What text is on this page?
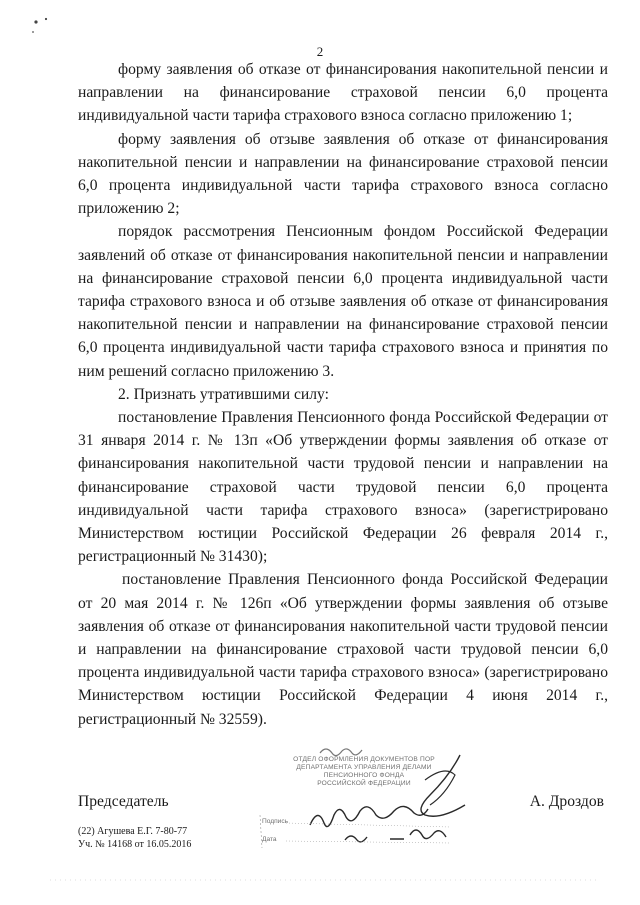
2

форму заявления об отказе от финансирования накопительной пенсии и направлении на финансирование страховой пенсии 6,0 процента индивидуальной части тарифа страхового взноса согласно приложению 1;

форму заявления об отзыве заявления об отказе от финансирования накопительной пенсии и направлении на финансирование страховой пенсии 6,0 процента индивидуальной части тарифа страхового взноса согласно приложению 2;

порядок рассмотрения Пенсионным фондом Российской Федерации заявлений об отказе от финансирования накопительной пенсии и направлении на финансирование страховой пенсии 6,0 процента индивидуальной части тарифа страхового взноса и об отзыве заявления об отказе от финансирования накопительной пенсии и направлении на финансирование страховой пенсии 6,0 процента индивидуальной части тарифа страхового взноса и принятия по ним решений согласно приложению 3.

2. Признать утратившими силу:

постановление Правления Пенсионного фонда Российской Федерации от 31 января 2014 г. № 13п «Об утверждении формы заявления об отказе от финансирования накопительной части трудовой пенсии и направлении на финансирование страховой части трудовой пенсии 6,0 процента индивидуальной части тарифа страхового взноса» (зарегистрировано Министерством юстиции Российской Федерации 26 февраля 2014 г., регистрационный № 31430);

постановление Правления Пенсионного фонда Российской Федерации от 20 мая 2014 г. № 126п «Об утверждении формы заявления об отзыве заявления об отказе от финансирования накопительной части трудовой пенсии и направлении на финансирование страховой части трудовой пенсии 6,0 процента индивидуальной части тарифа страхового взноса» (зарегистрировано Министерством юстиции Российской Федерации 4 июня 2014 г., регистрационный № 32559).

ОТДЕЛ ОФОРМЛЕНИЯ ДОКУМЕНТОВ ПОР
ДЕПАРТАМЕНТА УПРАВЛЕНИЯ ДЕЛАМИ
ПЕНСИОННОГО ФОНДА
РОССИЙСКОЙ ФЕДЕРАЦИИ
Подпись
Дата
Председатель	А. Дроздов
(22) Агушева Е.Г. 7-80-77
Уч. № 14168 от 16.05.2016
